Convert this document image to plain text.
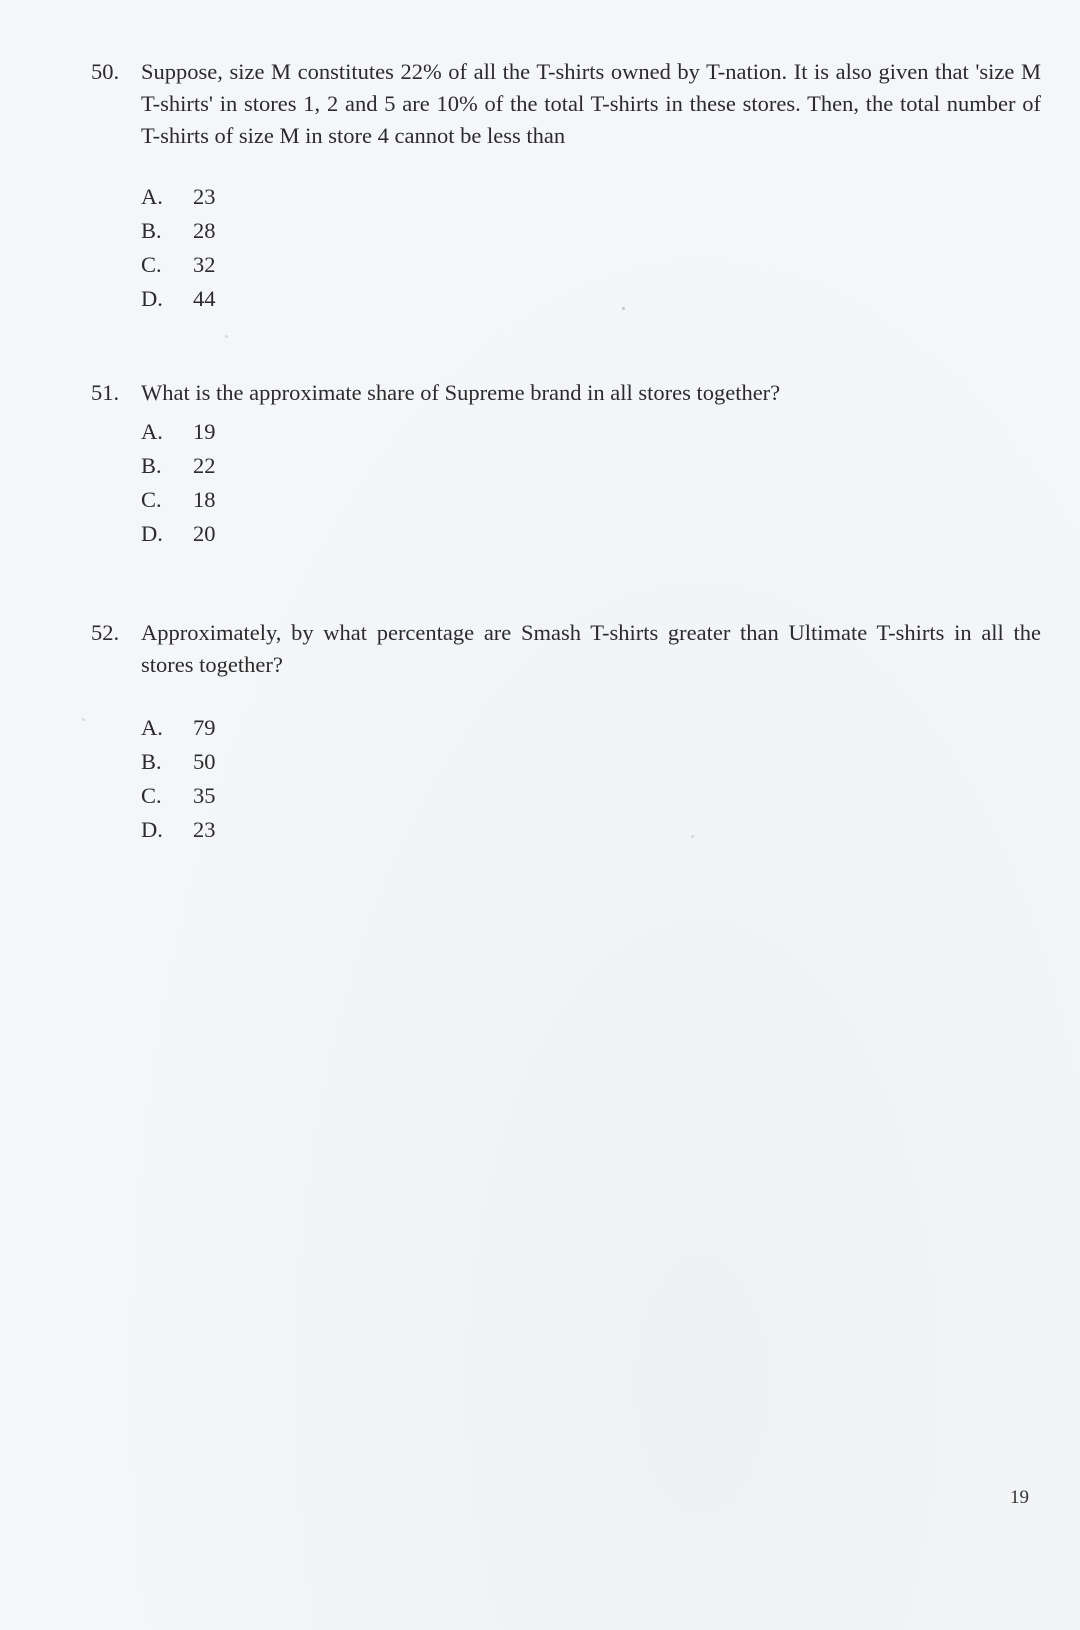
50. Suppose, size M constitutes 22% of all the T-shirts owned by T-nation. It is also given that 'size M T-shirts' in stores 1, 2 and 5 are 10% of the total T-shirts in these stores. Then, the total number of T-shirts of size M in store 4 cannot be less than
A.	23
B.	28
C.	32
D.	44
51. What is the approximate share of Supreme brand in all stores together?
A.	19
B.	22
C.	18
D.	20
52. Approximately, by what percentage are Smash T-shirts greater than Ultimate T-shirts in all the stores together?
A.	79
B.	50
C.	35
D.	23
19
